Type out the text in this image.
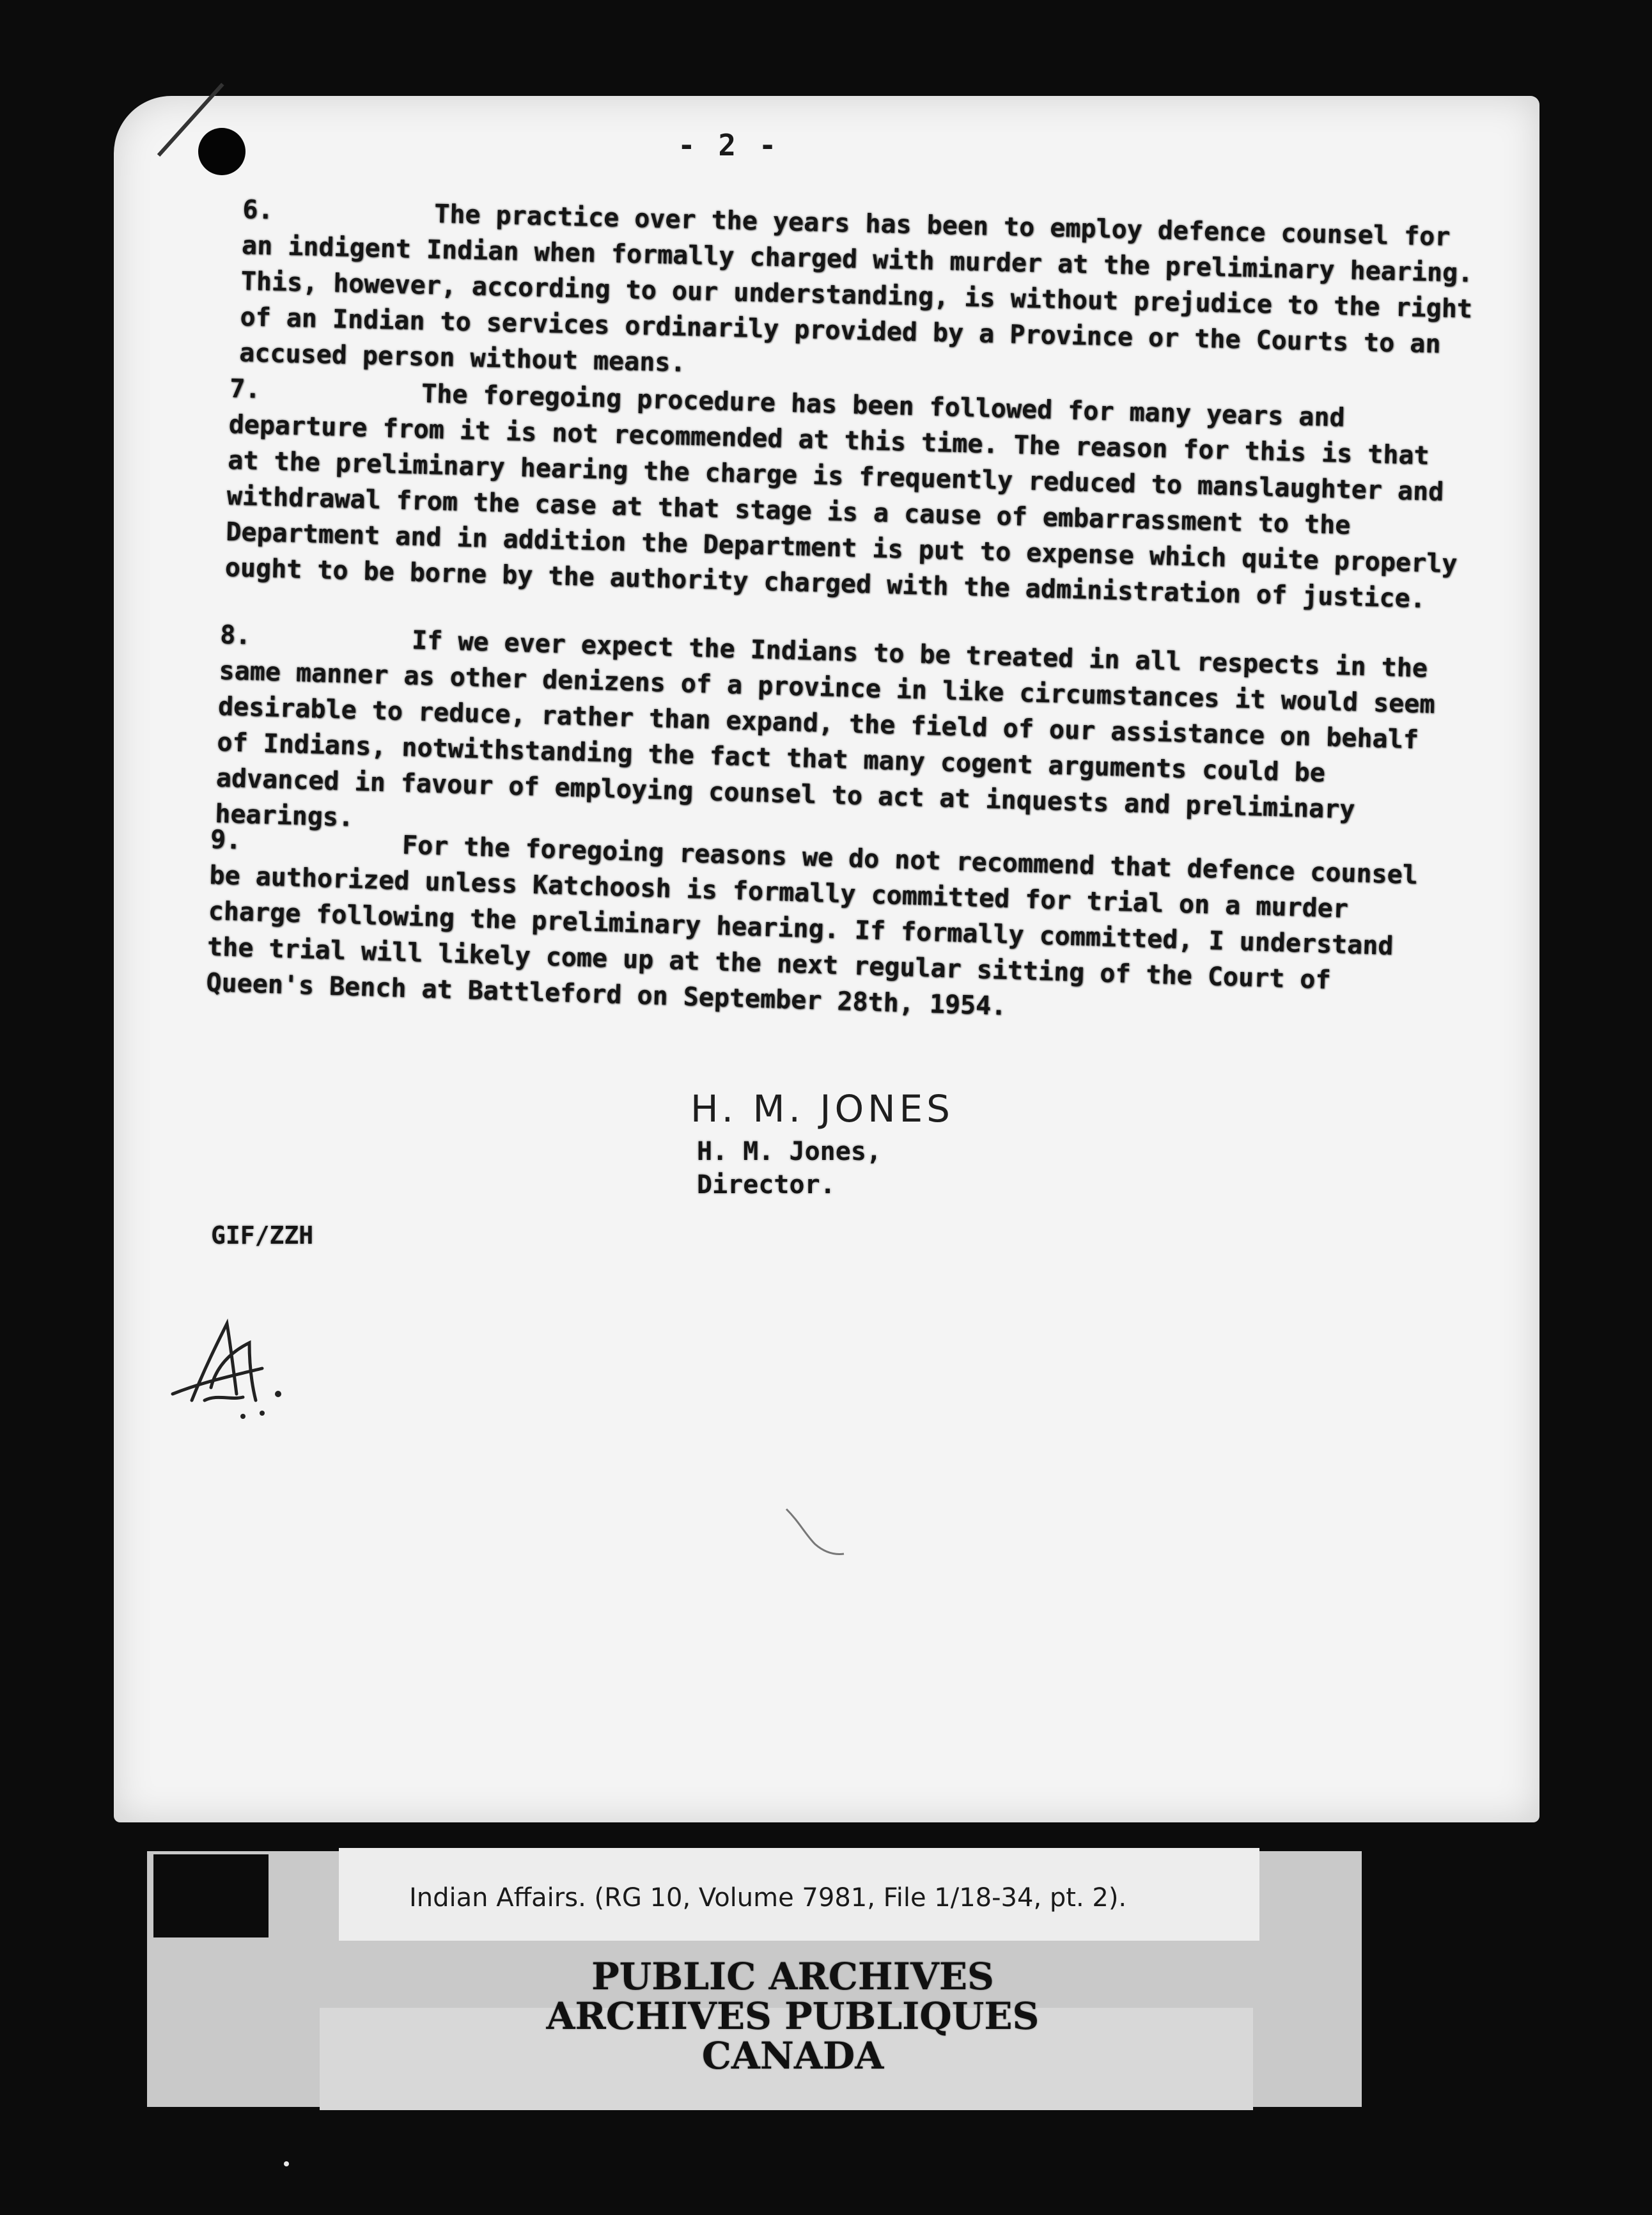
- 2 -

6.	The practice over the years has been to employ defence counsel for an indigent Indian when formally charged with murder at the preliminary hearing. This, however, according to our understanding, is without prejudice to the right of an Indian to services ordinarily provided by a Province or the Courts to an accused person without means.

7.	The foregoing procedure has been followed for many years and departure from it is not recommended at this time. The reason for this is that at the preliminary hearing the charge is frequently reduced to manslaughter and withdrawal from the case at that stage is a cause of embarrassment to the Department and in addition the Department is put to expense which quite properly ought to be borne by the authority charged with the administration of justice.

8.	If we ever expect the Indians to be treated in all respects in the same manner as other denizens of a province in like circumstances it would seem desirable to reduce, rather than expand, the field of our assistance on behalf of Indians, notwithstanding the fact that many cogent arguments could be advanced in favour of employing counsel to act at inquests and preliminary hearings.

9.	For the foregoing reasons we do not recommend that defence counsel be authorized unless Katchoosh is formally committed for trial on a murder charge following the preliminary hearing. If formally committed, I understand the trial will likely come up at the next regular sitting of the Court of Queen's Bench at Battleford on September 28th, 1954.

H. M. JONES
H. M. Jones,
Director.
GIF/ZZH
Indian Affairs. (RG 10, Volume 7981, File 1/18-34, pt. 2).
PUBLIC ARCHIVES
ARCHIVES PUBLIQUES
CANADA
